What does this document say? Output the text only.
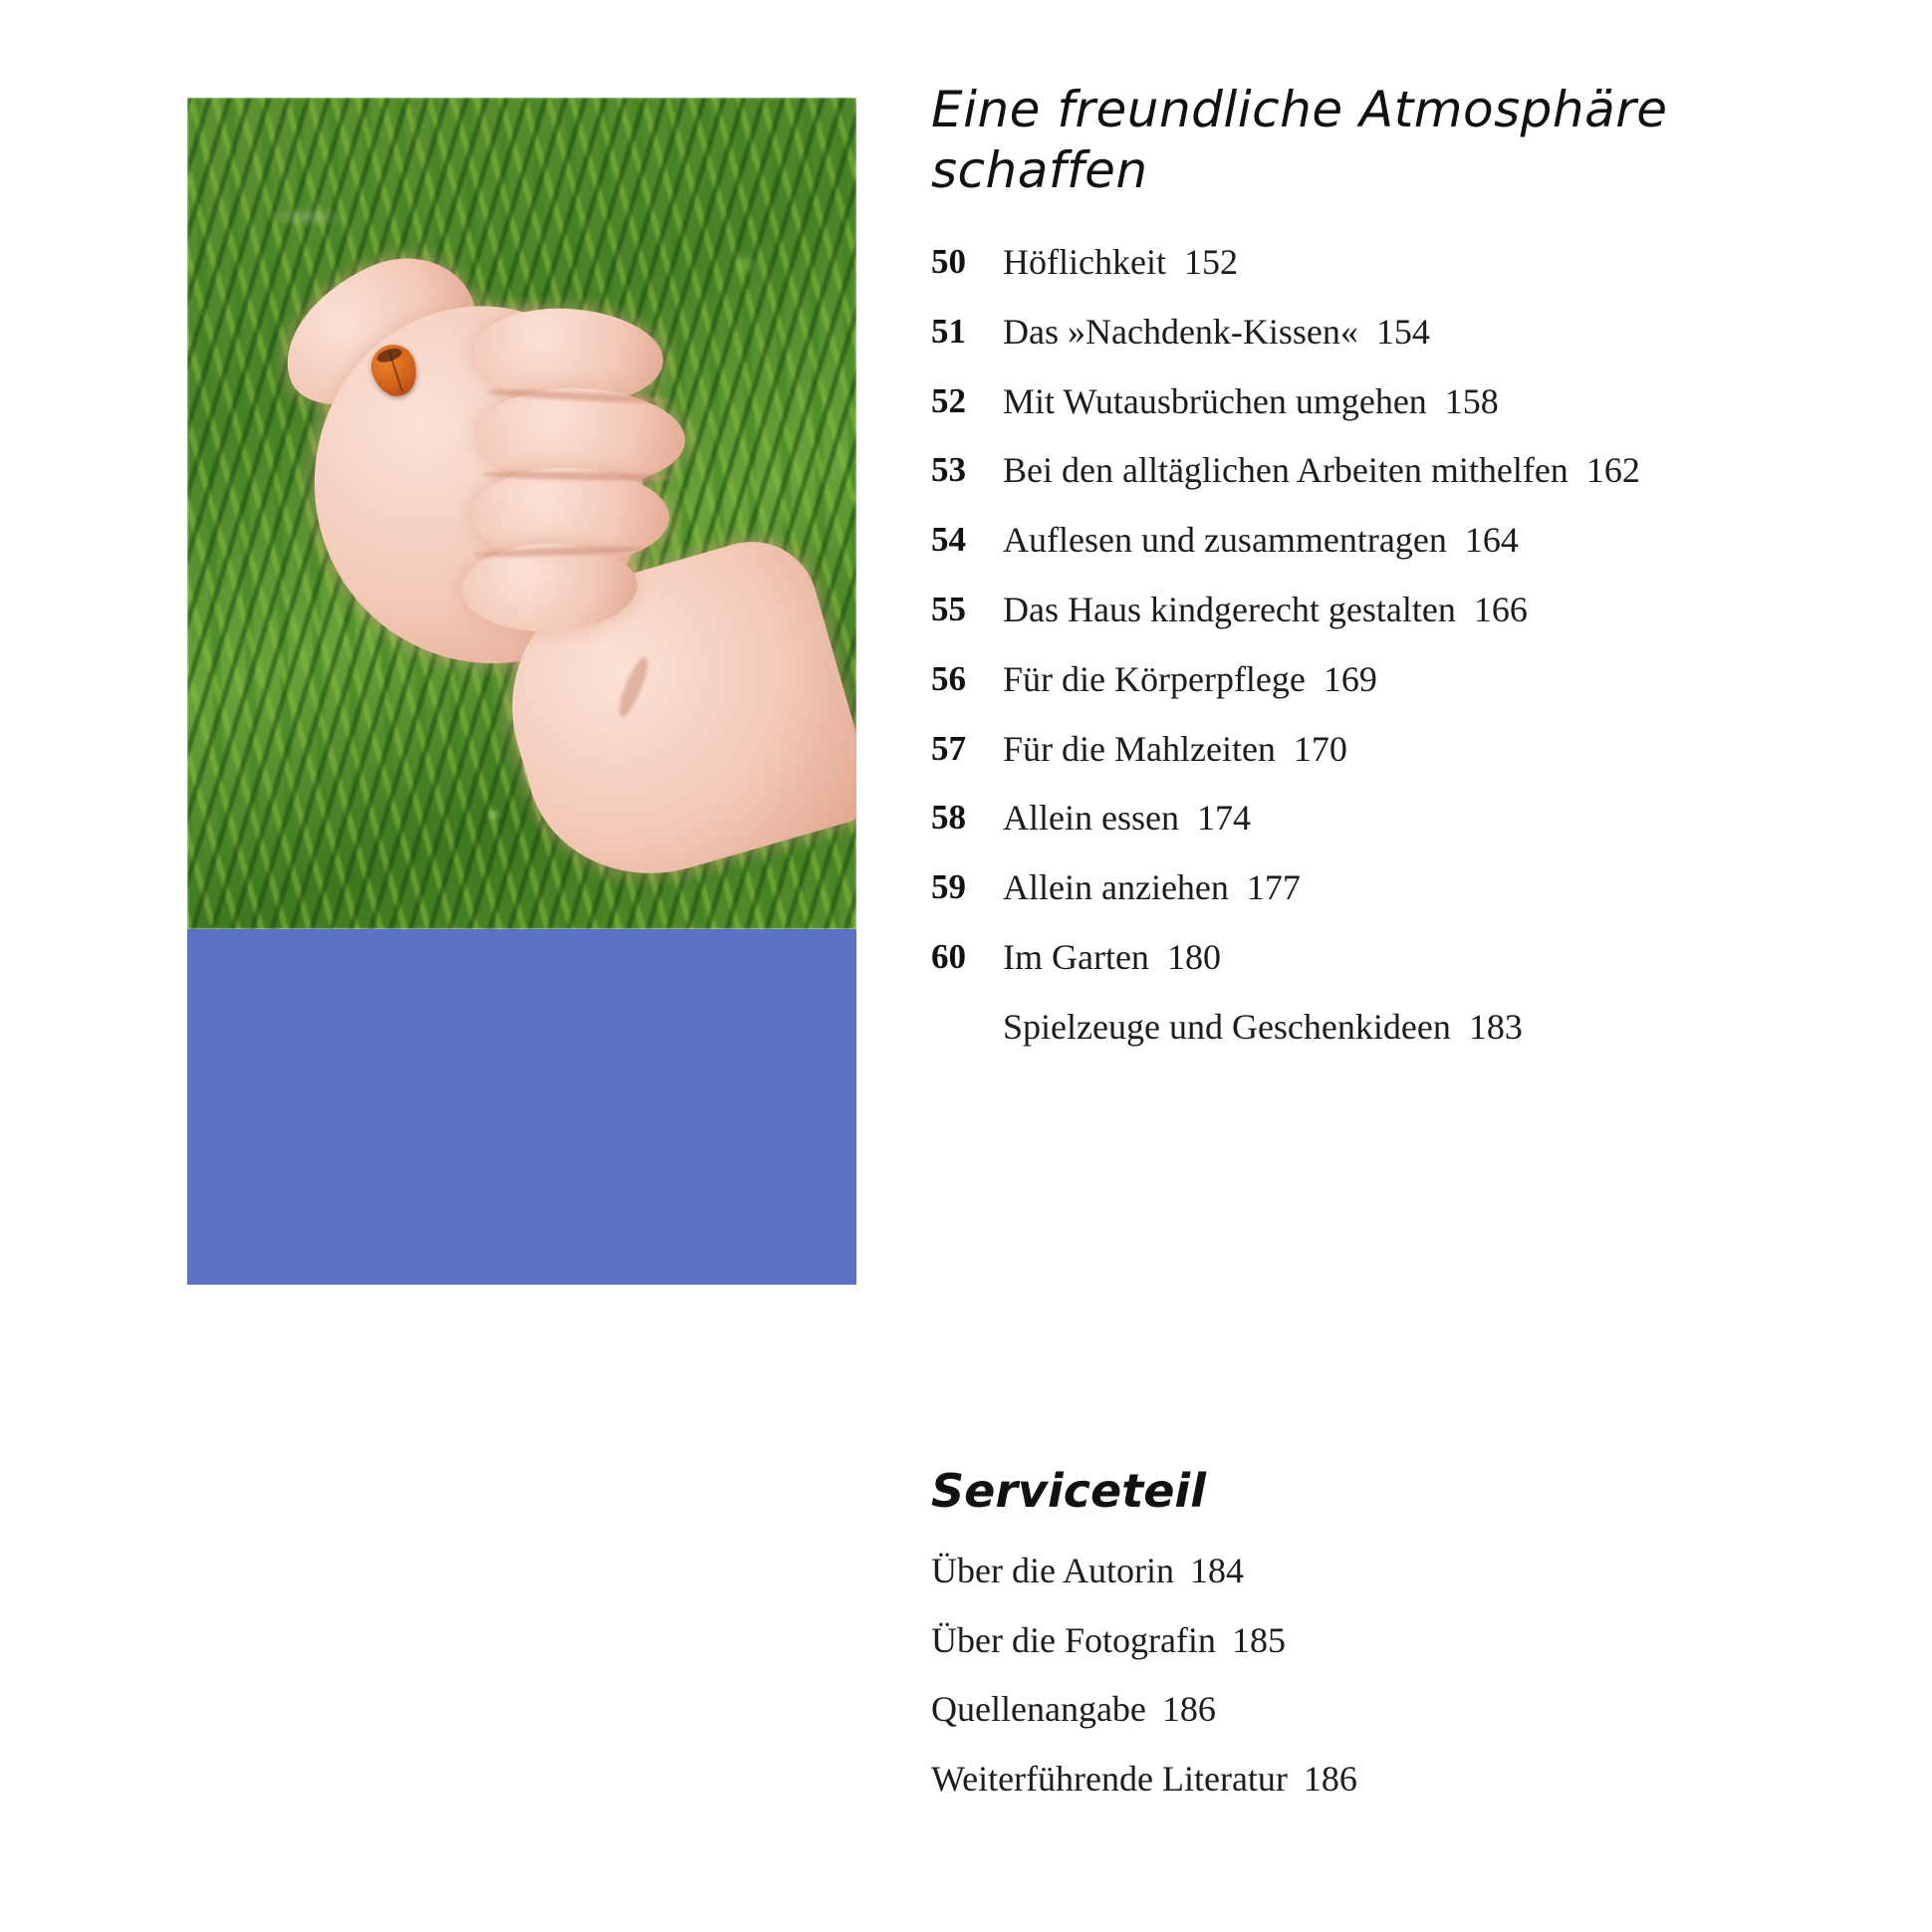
Eine freundliche Atmosphäre schaffen
50	Höflichkeit 152
51	Das »Nachdenk-Kissen« 154
52	Mit Wutausbrüchen umgehen 158
53	Bei den alltäglichen Arbeiten mithelfen 162
54	Auflesen und zusammentragen 164
55	Das Haus kindgerecht gestalten 166
56	Für die Körperpflege 169
57	Für die Mahlzeiten 170
58	Allein essen 174
59	Allein anziehen 177
60	Im Garten 180
Spielzeuge und Geschenkideen 183
Serviceteil
Über die Autorin 184
Über die Fotografin 185
Quellenangabe 186
Weiterführende Literatur 186
